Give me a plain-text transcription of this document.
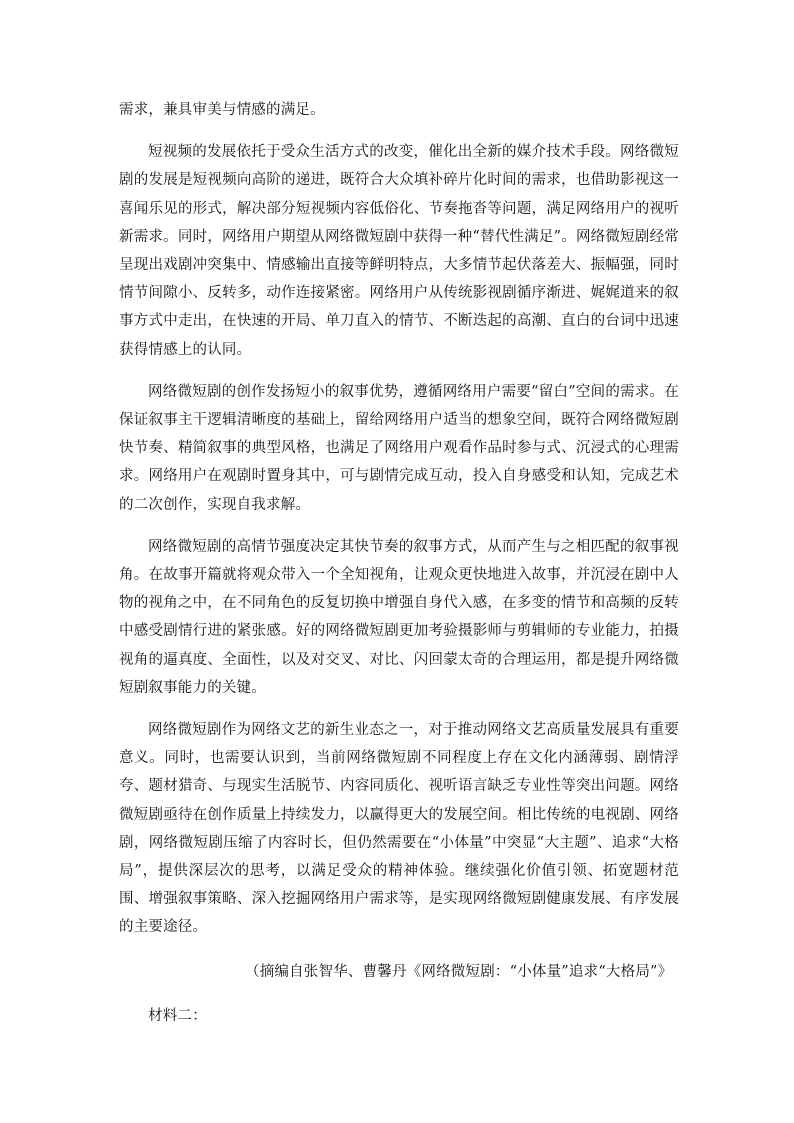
需求，兼具审美与情感的满足。

短视频的发展依托于受众生活方式的改变，催化出全新的媒介技术手段。网络微短剧的发展是短视频向高阶的递进，既符合大众填补碎片化时间的需求，也借助影视这一喜闻乐见的形式，解决部分短视频内容低俗化、节奏拖沓等问题，满足网络用户的视听新需求。同时，网络用户期望从网络微短剧中获得一种“替代性满足”。网络微短剧经常呈现出戏剧冲突集中、情感输出直接等鲜明特点，大多情节起伏落差大、振幅强，同时情节间隙小、反转多，动作连接紧密。网络用户从传统影视剧循序渐进、娓娓道来的叙事方式中走出，在快速的开局、单刀直入的情节、不断迭起的高潮、直白的台词中迅速获得情感上的认同。

网络微短剧的创作发扬短小的叙事优势，遵循网络用户需要“留白”空间的需求。在保证叙事主干逻辑清晰度的基础上，留给网络用户适当的想象空间，既符合网络微短剧快节奏、精简叙事的典型风格，也满足了网络用户观看作品时参与式、沉浸式的心理需求。网络用户在观剧时置身其中，可与剧情完成互动，投入自身感受和认知，完成艺术的二次创作，实现自我求解。

网络微短剧的高情节强度决定其快节奏的叙事方式，从而产生与之相匹配的叙事视角。在故事开篇就将观众带入一个全知视角，让观众更快地进入故事，并沉浸在剧中人物的视角之中，在不同角色的反复切换中增强自身代入感，在多变的情节和高频的反转中感受剧情行进的紧张感。好的网络微短剧更加考验摄影师与剪辑师的专业能力，拍摄视角的逼真度、全面性，以及对交叉、对比、闪回蒙太奇的合理运用，都是提升网络微短剧叙事能力的关键。

网络微短剧作为网络文艺的新生业态之一，对于推动网络文艺高质量发展具有重要意义。同时，也需要认识到，当前网络微短剧不同程度上存在文化内涵薄弱、剧情浮夸、题材猎奇、与现实生活脱节、内容同质化、视听语言缺乏专业性等突出问题。网络微短剧亟待在创作质量上持续发力，以赢得更大的发展空间。相比传统的电视剧、网络剧，网络微短剧压缩了内容时长，但仍然需要在“小体量”中突显“大主题”、追求“大格局”，提供深层次的思考，以满足受众的精神体验。继续强化价值引领、拓宽题材范围、增强叙事策略、深入挖掘网络用户需求等，是实现网络微短剧健康发展、有序发展的主要途径。

（摘编自张智华、曹馨丹《网络微短剧：“小体量”追求“大格局”》

材料二：
